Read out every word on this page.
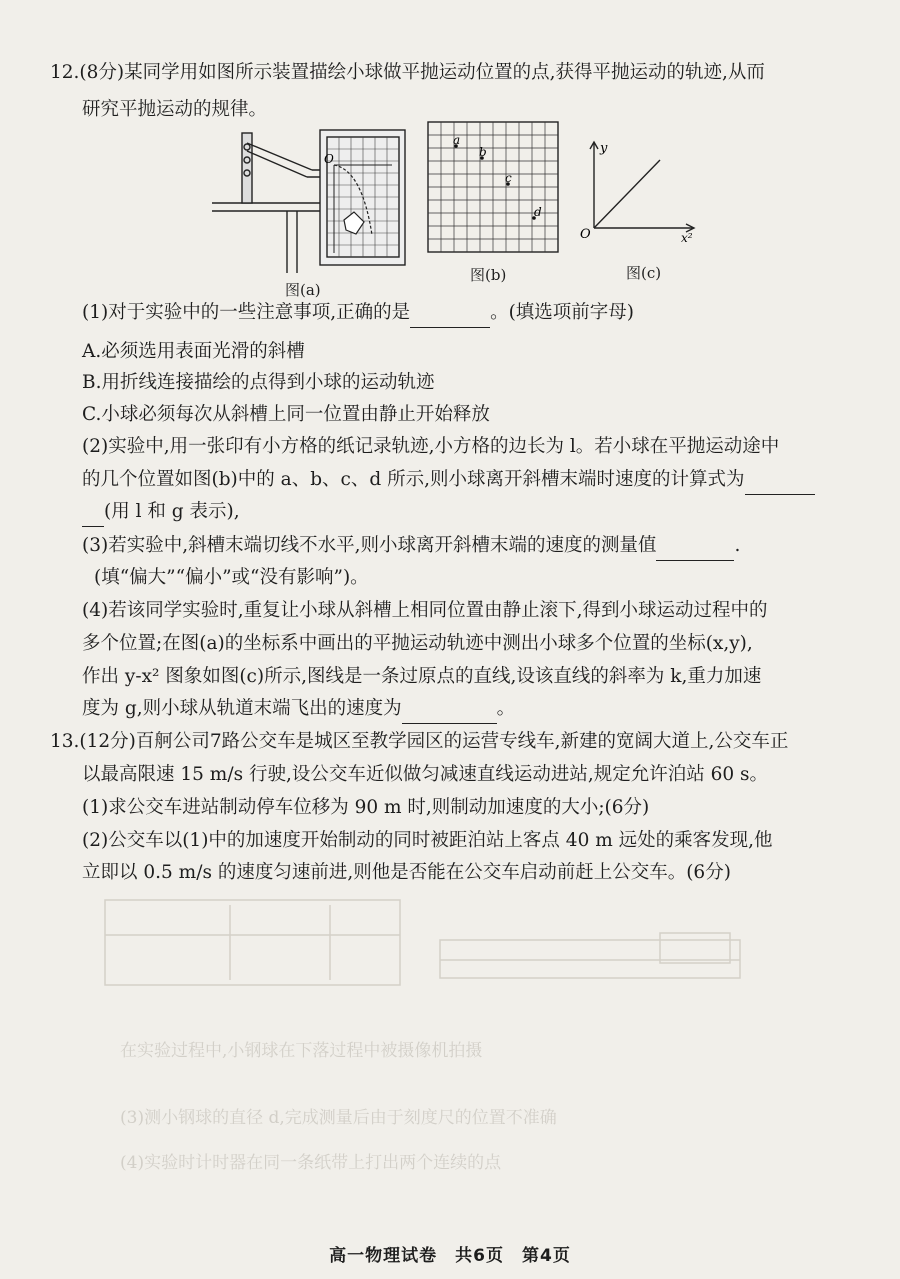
在实验过程中,小钢球在下落过程中被摄像机拍摄
(3)测小钢球的直径 d,完成测量后由于刻度尺的位置不准确
(4)实验时计时器在同一条纸带上打出两个连续的点
12.(8分)某同学用如图所示装置描绘小球做平抛运动位置的点,获得平抛运动的轨迹,从而
研究平抛运动的规律。
O
图(a)
a
b
c
d
图(b)
y
O	x²
图(c)
(1)对于实验中的一些注意事项,正确的是	。(填选项前字母)
A.必须选用表面光滑的斜槽
B.用折线连接描绘的点得到小球的运动轨迹
C.小球必须每次从斜槽上同一位置由静止开始释放
(2)实验中,用一张印有小方格的纸记录轨迹,小方格的边长为 l。若小球在平抛运动途中
的几个位置如图(b)中的 a、b、c、d 所示,则小球离开斜槽末端时速度的计算式为
(用 l 和 g 表示),
(3)若实验中,斜槽末端切线不水平,则小球离开斜槽末端的速度的测量值	.
(填“偏大”“偏小”或“没有影响”)。
(4)若该同学实验时,重复让小球从斜槽上相同位置由静止滚下,得到小球运动过程中的
多个位置;在图(a)的坐标系中画出的平抛运动轨迹中测出小球多个位置的坐标(x,y),
作出 y-x² 图象如图(c)所示,图线是一条过原点的直线,设该直线的斜率为 k,重力加速
度为 g,则小球从轨道末端飞出的速度为	。
13.(12分)百舸公司7路公交车是城区至教学园区的运营专线车,新建的宽阔大道上,公交车正
以最高限速 15 m/s 行驶,设公交车近似做匀减速直线运动进站,规定允许泊站 60 s。
(1)求公交车进站制动停车位移为 90 m 时,则制动加速度的大小;(6分)
(2)公交车以(1)中的加速度开始制动的同时被距泊站上客点 40 m 远处的乘客发现,他
立即以 0.5 m/s 的速度匀速前进,则他是否能在公交车启动前赶上公交车。(6分)
高一物理试卷　共6页　第4页
